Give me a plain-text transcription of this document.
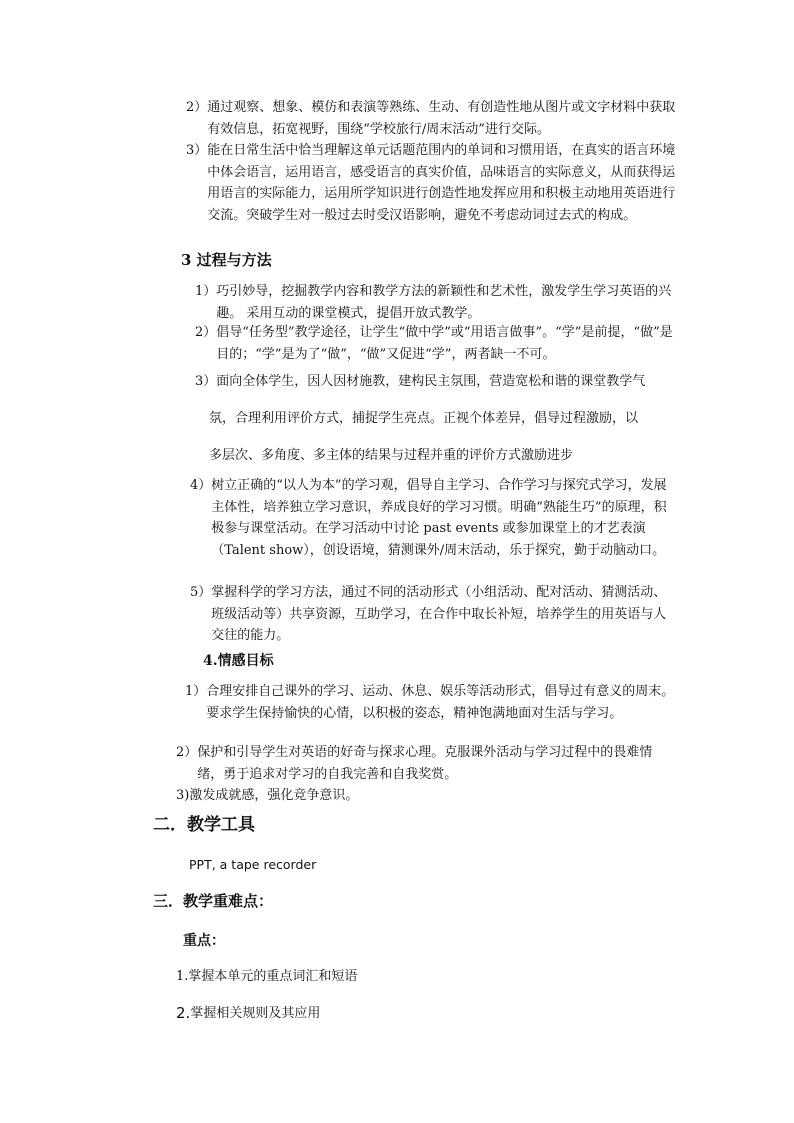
2） 通过观察、想象、模仿和表演等熟练、生动、有创造性地从图片或文字材料中获取有效信息，拓宽视野，围绕“学校旅行/周末活动”进行交际。
3） 能在日常生活中恰当理解这单元话题范围内的单词和习惯用语，在真实的语言环境中体会语言，运用语言，感受语言的真实价值，品味语言的实际意义，从而获得运用语言的实际能力，运用所学知识进行创造性地发挥应用和积极主动地用英语进行交流。突破学生对一般过去时受汉语影响，避免不考虑动词过去式的构成。
3 过程与方法
1） 巧引妙导，挖掘教学内容和教学方法的新颖性和艺术性，激发学生学习英语的兴趣。 采用互动的课堂模式，提倡开放式教学。
2） 倡导“任务型”教学途径，让学生“做中学”或“用语言做事”。“学”是前提，“做”是目的；“学”是为了“做”，“做”又促进“学”，两者缺一不可。
3） 面向全体学生，因人因材施教，建构民主氛围，营造宽松和谐的课堂教学气
氛，合理利用评价方式，捕捉学生亮点。正视个体差异，倡导过程激励，以
多层次、多角度、多主体的结果与过程并重的评价方式激励进步
4） 树立正确的“以人为本”的学习观，倡导自主学习、合作学习与探究式学习，发展主体性，培养独立学习意识，养成良好的学习习惯。明确“熟能生巧”的原理，积极参与课堂活动。在学习活动中讨论 past events 或参加课堂上的才艺表演（Talent show），创设语境，猜测课外/周末活动，乐于探究，勤于动脑动口。
5） 掌握科学的学习方法，通过不同的活动形式（小组活动、配对活动、猜测活动、班级活动等）共享资源，互助学习，在合作中取长补短，培养学生的用英语与人交往的能力。
4.情感目标
1） 合理安排自己课外的学习、运动、休息、娱乐等活动形式，倡导过有意义的周末。要求学生保持愉快的心情，以积极的姿态，精神饱满地面对生活与学习。
2） 保护和引导学生对英语的好奇与探求心理。克服课外活动与学习过程中的畏难情绪，勇于追求对学习的自我完善和自我奖赏。
3) 激发成就感，强化竞争意识。
二．教学工具
PPT, a tape recorder
三．教学重难点：
重点：
1.掌握本单元的重点词汇和短语
2. 掌握相关规则及其应用
